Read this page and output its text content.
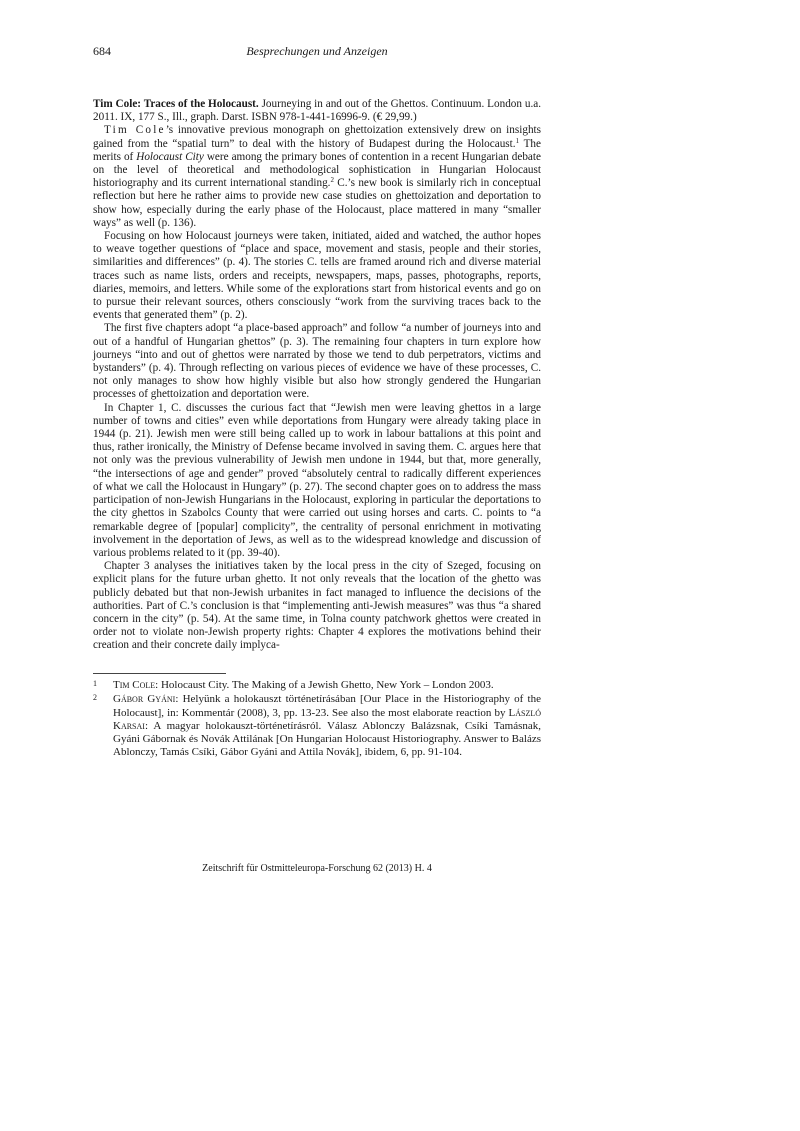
684	Besprechungen und Anzeigen

Tim Cole: Traces of the Holocaust. Journeying in and out of the Ghettos. Continuum. London u.a. 2011. IX, 177 S., Ill., graph. Darst. ISBN 978-1-441-16996-9. (€ 29,99.)

Tim Cole’s innovative previous monograph on ghettoization extensively drew on insights gained from the “spatial turn” to deal with the history of Budapest during the Holocaust.$^1$ The merits of Holocaust City were among the primary bones of contention in a recent Hungarian debate on the level of theoretical and methodological sophistication in Hungarian Holocaust historiography and its current international standing.$^2$ C.’s new book is similarly rich in conceptual reflection but here he rather aims to provide new case studies on ghettoization and deportation to show how, especially during the early phase of the Holocaust, place mattered in many “smaller ways” as well (p. 136).

Focusing on how Holocaust journeys were taken, initiated, aided and watched, the author hopes to weave together questions of “place and space, movement and stasis, people and their stories, similarities and differences” (p. 4). The stories C. tells are framed around rich and diverse material traces such as name lists, orders and receipts, newspapers, maps, passes, photographs, reports, diaries, memoirs, and letters. While some of the explorations start from historical events and go on to pursue their relevant sources, others consciously “work from the surviving traces back to the events that generated them” (p. 2).

The first five chapters adopt “a place-based approach” and follow “a number of journeys into and out of a handful of Hungarian ghettos” (p. 3). The remaining four chapters in turn explore how journeys “into and out of ghettos were narrated by those we tend to dub perpetrators, victims and bystanders” (p. 4). Through reflecting on various pieces of evidence we have of these processes, C. not only manages to show how highly visible but also how strongly gendered the Hungarian processes of ghettoization and deportation were.

In Chapter 1, C. discusses the curious fact that “Jewish men were leaving ghettos in a large number of towns and cities” even while deportations from Hungary were already taking place in 1944 (p. 21). Jewish men were still being called up to work in labour battalions at this point and thus, rather ironically, the Ministry of Defense became involved in saving them. C. argues here that not only was the previous vulnerability of Jewish men undone in 1944, but that, more generally, “the intersections of age and gender” proved “absolutely central to radically different experiences of what we call the Holocaust in Hungary” (p. 27). The second chapter goes on to address the mass participation of non-Jewish Hungarians in the Holocaust, exploring in particular the deportations to the city ghettos in Szabolcs County that were carried out using horses and carts. C. points to “a remarkable degree of [popular] complicity”, the centrality of personal enrichment in motivating involvement in the deportation of Jews, as well as to the widespread knowledge and discussion of various problems related to it (pp. 39-40).

Chapter 3 analyses the initiatives taken by the local press in the city of Szeged, focusing on explicit plans for the future urban ghetto. It not only reveals that the location of the ghetto was publicly debated but that non-Jewish urbanites in fact managed to influence the decisions of the authorities. Part of C.’s conclusion is that “implementing anti-Jewish measures” was thus “a shared concern in the city” (p. 54). At the same time, in Tolna county patchwork ghettos were created in order not to violate non-Jewish property rights: Chapter 4 explores the motivations behind their creation and their concrete daily implyca-

1 Tim Cole: Holocaust City. The Making of a Jewish Ghetto, New York – London 2003.
2 Gábor Gyáni: Helyünk a holokauszt történetírásában [Our Place in the Historiography of the Holocaust], in: Kommentár (2008), 3, pp. 13-23. See also the most elaborate reaction by László Karsai: A magyar holokauszt-történetírásról. Válasz Ablonczy Balázsnak, Csíki Tamásnak, Gyáni Gábornak és Novák Attilának [On Hungarian Holocaust Historiography. Answer to Balázs Ablonczy, Tamás Csíki, Gábor Gyáni and Attila Novák], ibidem, 6, pp. 91-104.
Zeitschrift für Ostmitteleuropa-Forschung 62 (2013) H. 4
